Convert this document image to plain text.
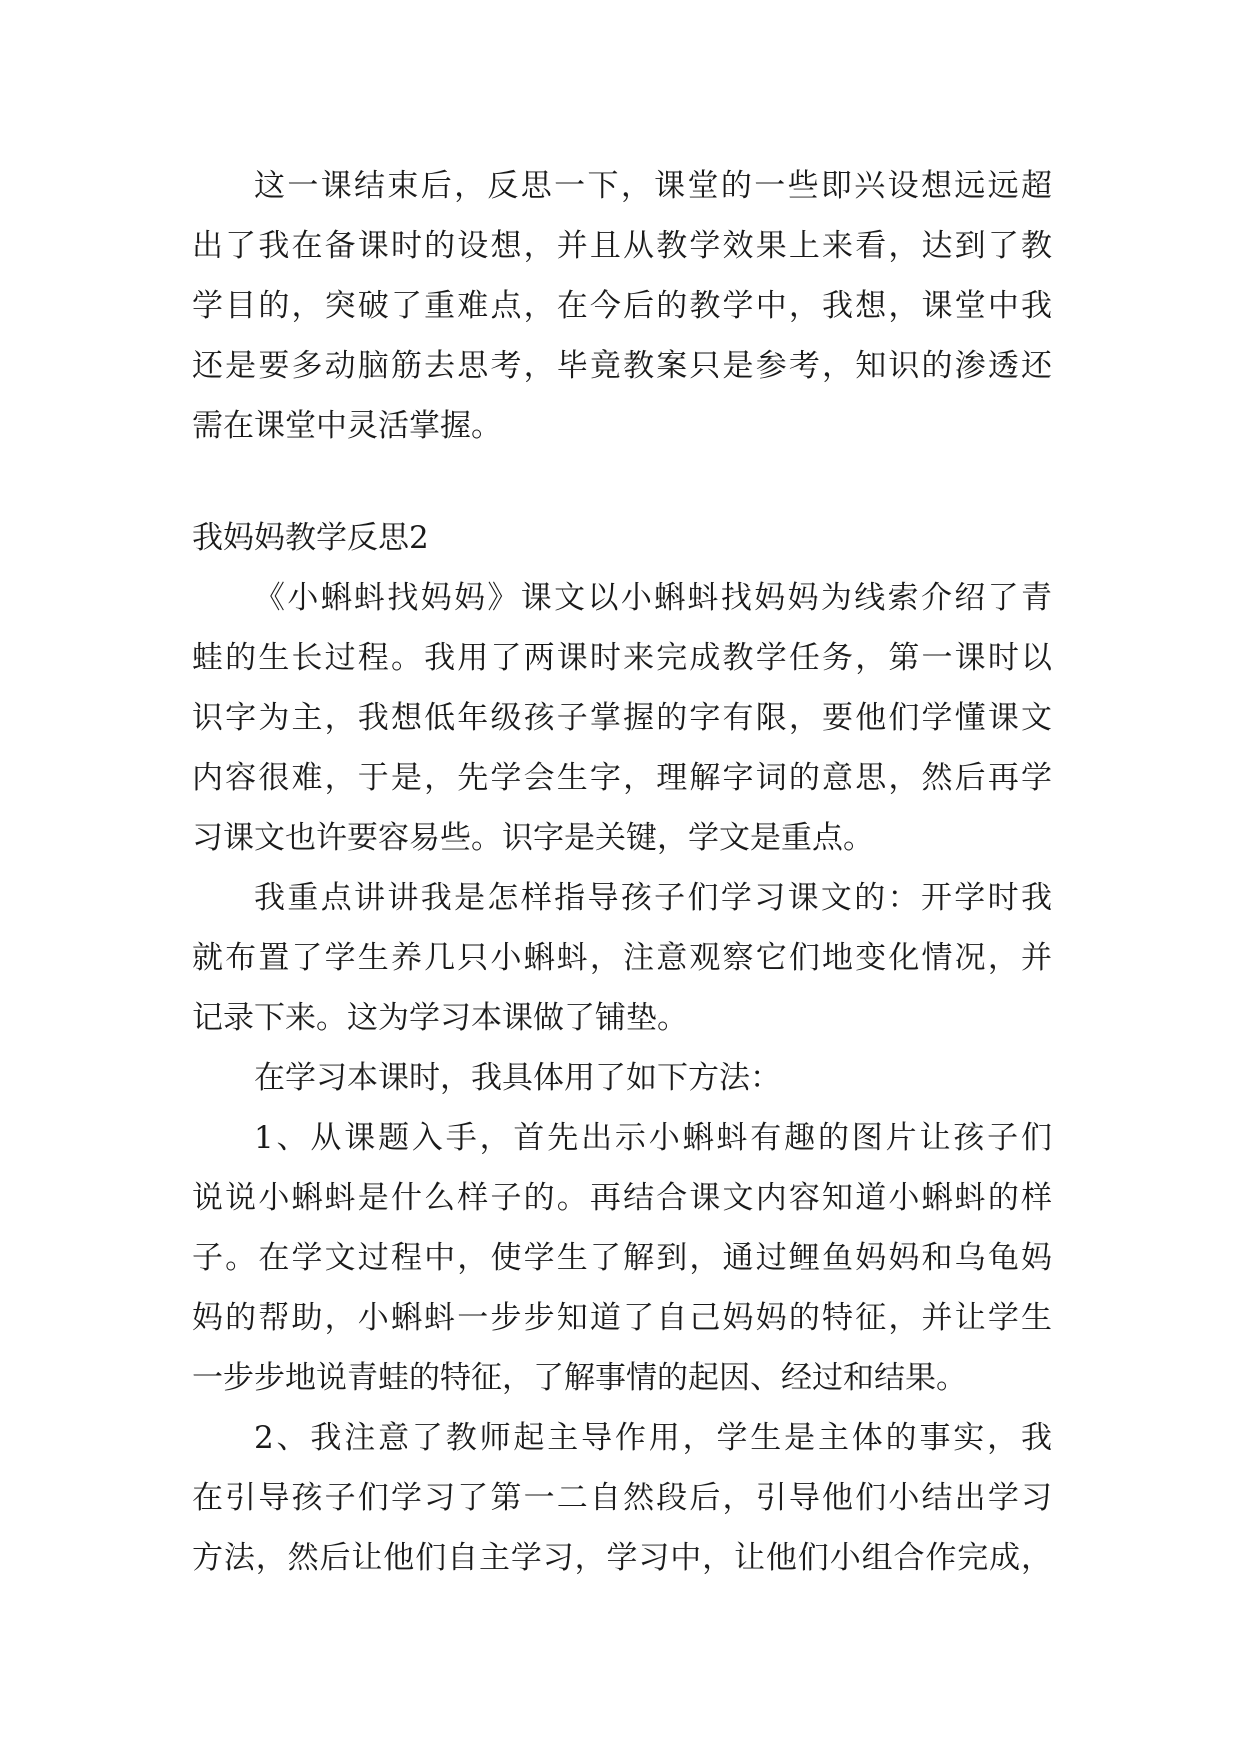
这一课结束后，反思一下，课堂的一些即兴设想远远超
出了我在备课时的设想，并且从教学效果上来看，达到了教
学目的，突破了重难点，在今后的教学中，我想，课堂中我
还是要多动脑筋去思考，毕竟教案只是参考，知识的渗透还
需在课堂中灵活掌握。
我妈妈教学反思2
《小蝌蚪找妈妈》课文以小蝌蚪找妈妈为线索介绍了青
蛙的生长过程。我用了两课时来完成教学任务，第一课时以
识字为主，我想低年级孩子掌握的字有限，要他们学懂课文
内容很难，于是，先学会生字，理解字词的意思，然后再学
习课文也许要容易些。识字是关键，学文是重点。
我重点讲讲我是怎样指导孩子们学习课文的：开学时我
就布置了学生养几只小蝌蚪，注意观察它们地变化情况，并
记录下来。这为学习本课做了铺垫。
在学习本课时，我具体用了如下方法：
1、从课题入手，首先出示小蝌蚪有趣的图片让孩子们
说说小蝌蚪是什么样子的。再结合课文内容知道小蝌蚪的样
子。在学文过程中，使学生了解到，通过鲤鱼妈妈和乌龟妈
妈的帮助，小蝌蚪一步步知道了自己妈妈的特征，并让学生
一步步地说青蛙的特征，了解事情的起因、经过和结果。
2、我注意了教师起主导作用，学生是主体的事实，我
在引导孩子们学习了第一二自然段后，引导他们小结出学习
方法，然后让他们自主学习，学习中，让他们小组合作完成，
